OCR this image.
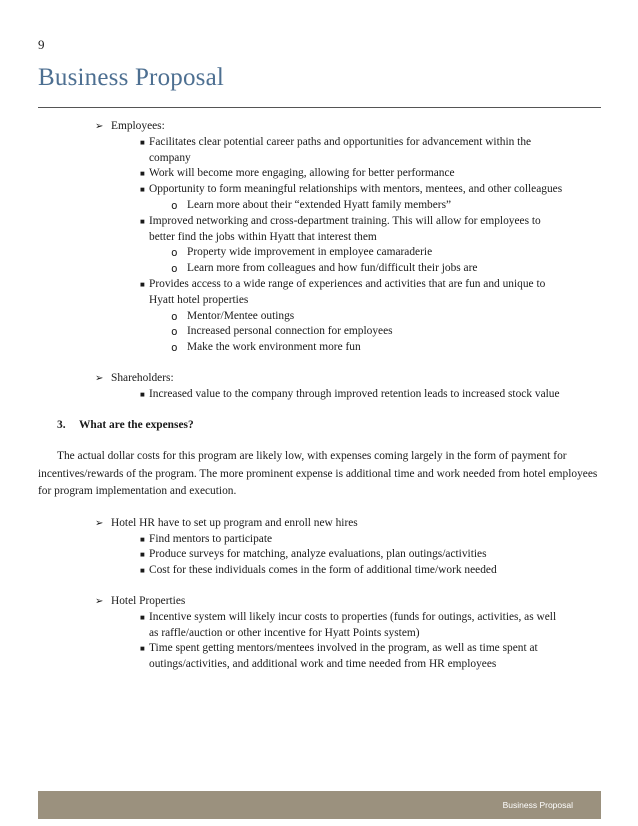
9
Business Proposal
➢ Employees:
■ Facilitates clear potential career paths and opportunities for advancement within the company
■ Work will become more engaging, allowing for better performance
■ Opportunity to form meaningful relationships with mentors, mentees, and other colleagues
o Learn more about their “extended Hyatt family members”
■ Improved networking and cross-department training. This will allow for employees to better find the jobs within Hyatt that interest them
o Property wide improvement in employee camaraderie
o Learn more from colleagues and how fun/difficult their jobs are
■ Provides access to a wide range of experiences and activities that are fun and unique to Hyatt hotel properties
o Mentor/Mentee outings
o Increased personal connection for employees
o Make the work environment more fun
➢ Shareholders:
■ Increased value to the company through improved retention leads to increased stock value
3. What are the expenses?
The actual dollar costs for this program are likely low, with expenses coming largely in the form of payment for incentives/rewards of the program. The more prominent expense is additional time and work needed from hotel employees for program implementation and execution.
➢ Hotel HR have to set up program and enroll new hires
■ Find mentors to participate
■ Produce surveys for matching, analyze evaluations, plan outings/activities
■ Cost for these individuals comes in the form of additional time/work needed
➢ Hotel Properties
■ Incentive system will likely incur costs to properties (funds for outings, activities, as well as raffle/auction or other incentive for Hyatt Points system)
■ Time spent getting mentors/mentees involved in the program, as well as time spent at outings/activities, and additional work and time needed from HR employees
Business Proposal
